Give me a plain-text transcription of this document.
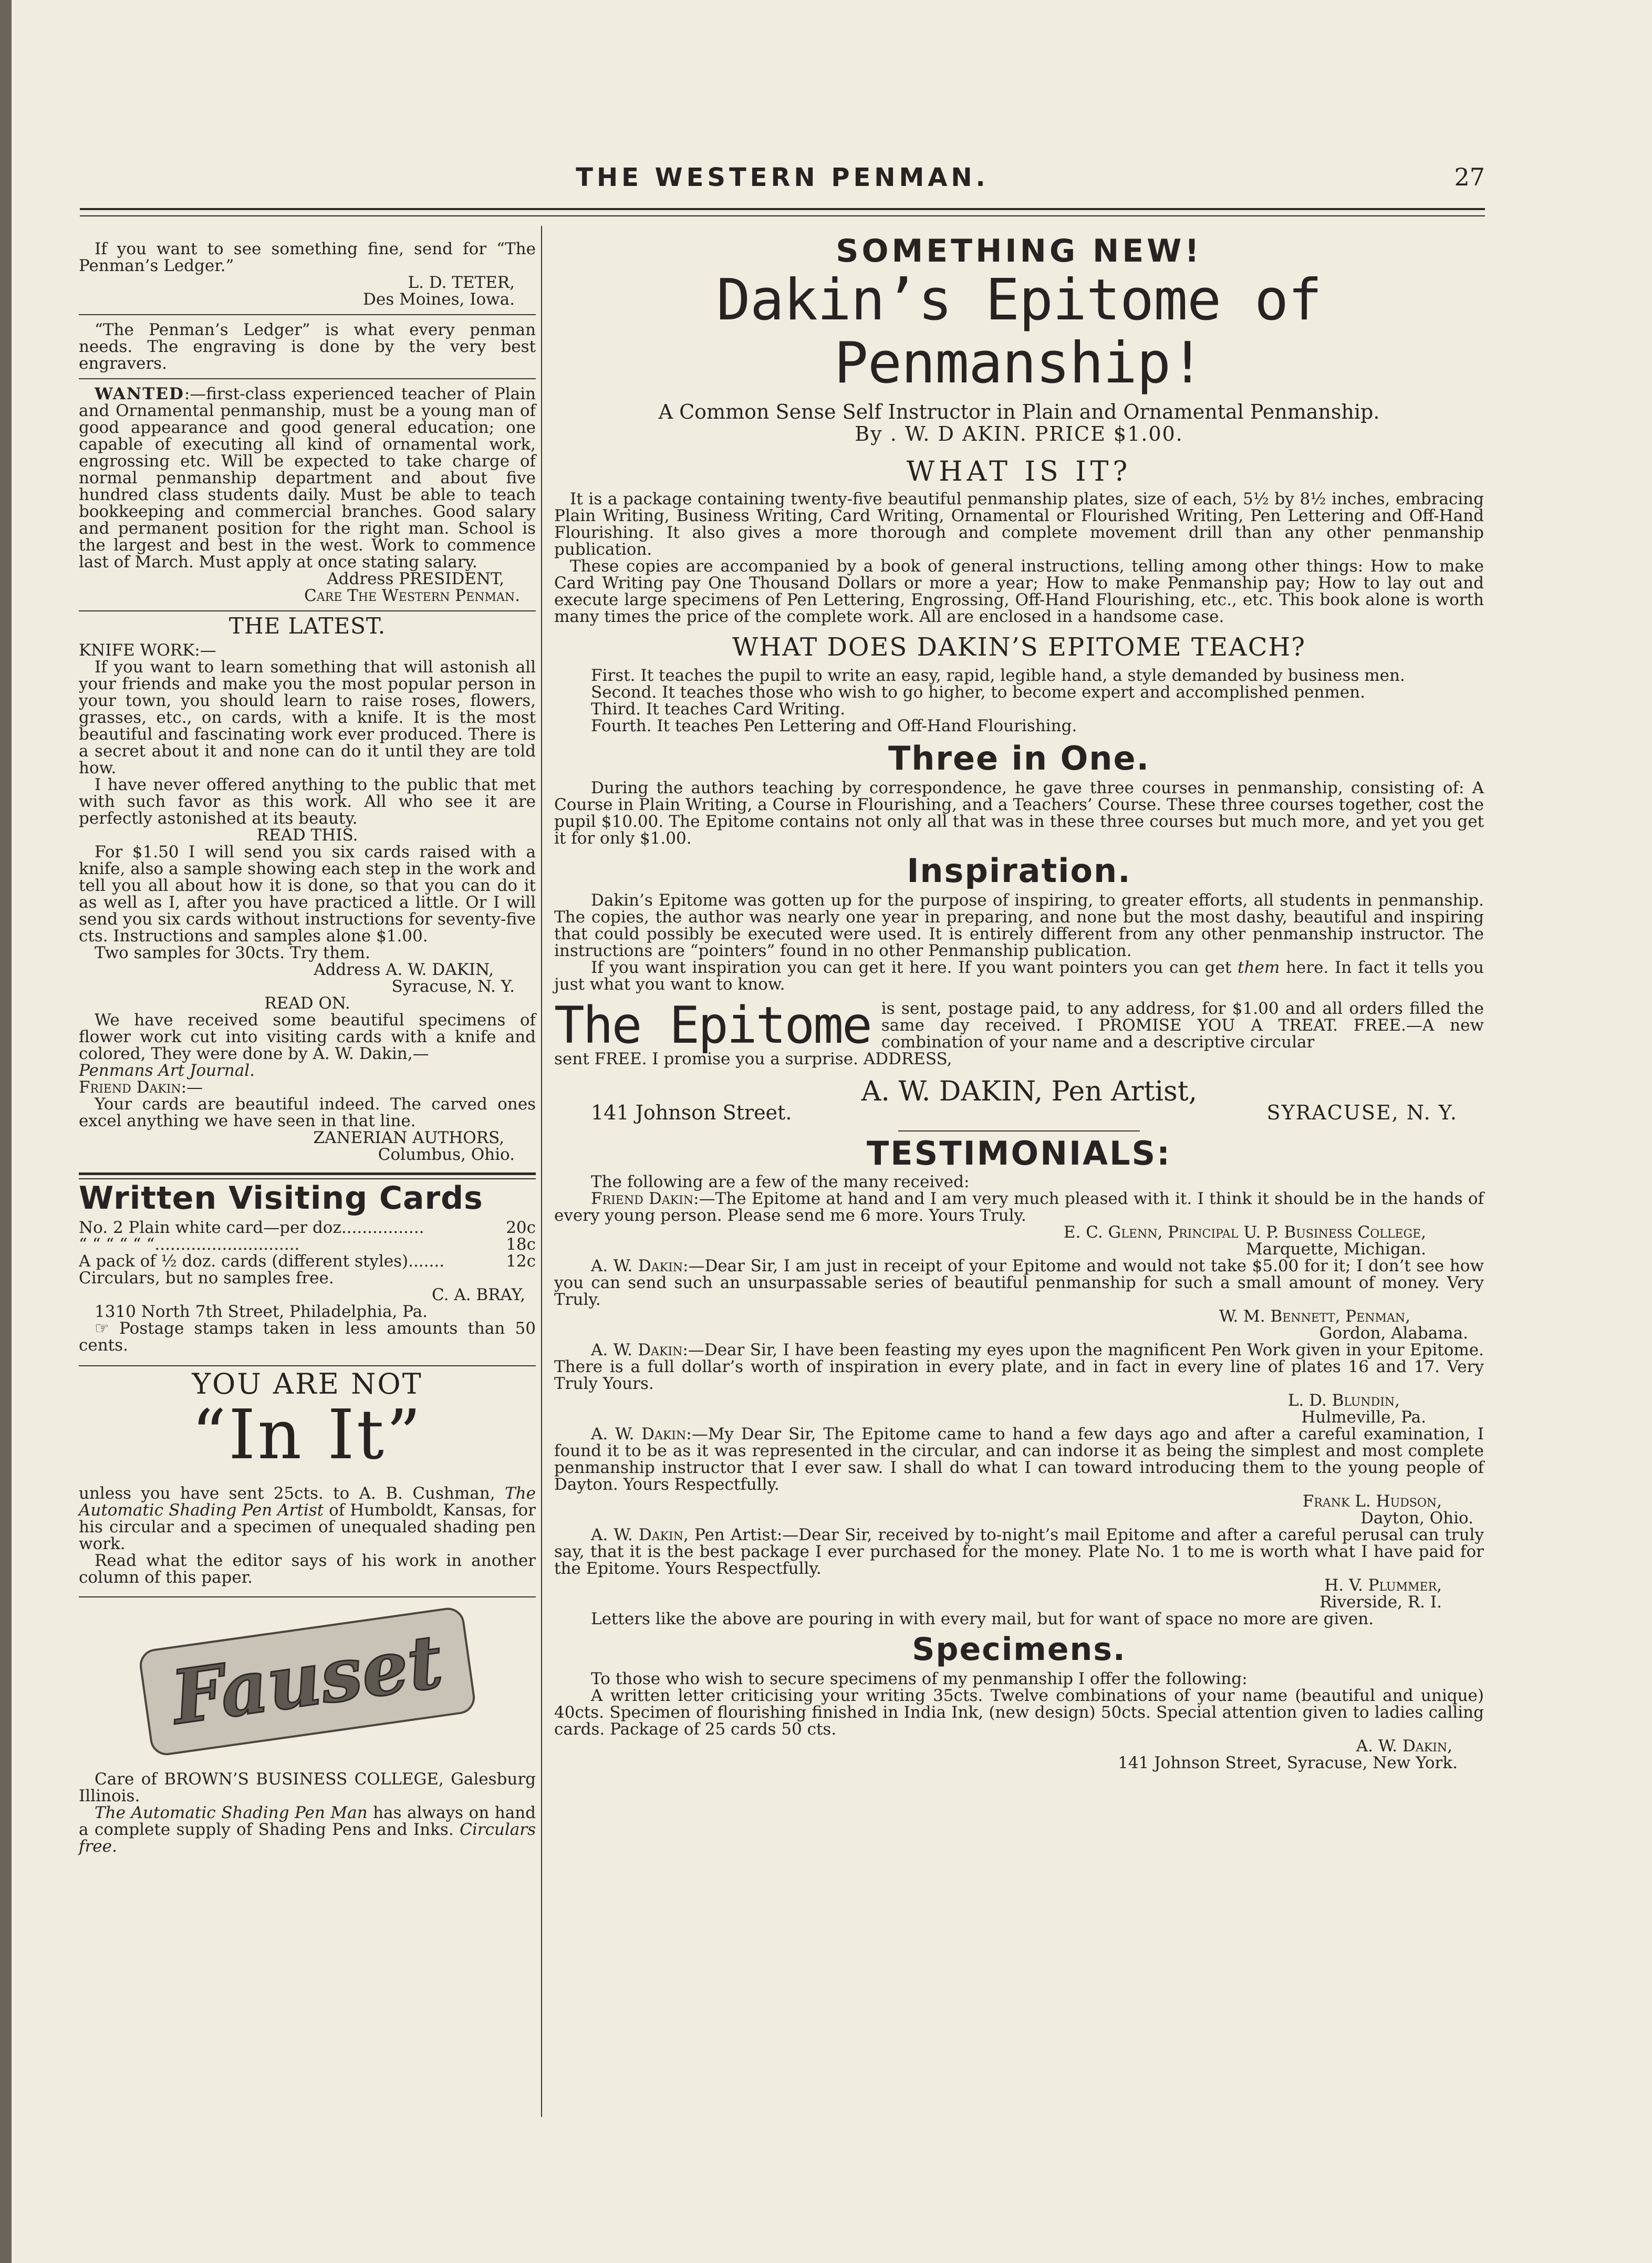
THE WESTERN PENMAN.	27

If you want to see something fine, send for “The Penman’s Ledger.”

L. D. TETER,

Des Moines, Iowa.

“The Penman’s Ledger” is what every penman needs. The engraving is done by the very best engravers.

WANTED:—first-class experienced teacher of Plain and Ornamental penmanship, must be a young man of good appearance and good general education; one capable of executing all kind of ornamental work, engrossing etc. Will be expected to take charge of normal penmanship department and about five hundred class students daily. Must be able to teach bookkeeping and commercial branches. Good salary and permanent position for the right man. School is the largest and best in the west. Work to commence last of March. Must apply at once stating salary.

Address PRESIDENT,

Care The Western Penman.

THE LATEST.

KNIFE WORK:—

If you want to learn something that will astonish all your friends and make you the most popular person in your town, you should learn to raise roses, flowers, grasses, etc., on cards, with a knife. It is the most beautiful and fascinating work ever produced. There is a secret about it and none can do it until they are told how.

I have never offered anything to the public that met with such favor as this work. All who see it are perfectly astonished at its beauty.

READ THIS.

For $1.50 I will send you six cards raised with a knife, also a sample showing each step in the work and tell you all about how it is done, so that you can do it as well as I, after you have practiced a little. Or I will send you six cards without instructions for seventy-five cts. Instructions and samples alone $1.00.

Two samples for 30cts. Try them.

Address A. W. DAKIN,

Syracuse, N. Y.

READ ON.

We have received some beautiful specimens of flower work cut into visiting cards with a knife and colored, They were done by A. W. Dakin,—

Penmans Art Journal.

Friend Dakin:—

Your cards are beautiful indeed. The carved ones excel anything we have seen in that line.

ZANERIAN AUTHORS,

Columbus, Ohio.

Written Visiting Cards
No. 2 Plain white card—per doz................	20c
“ “ “ “ “ “............................	18c
A pack of ½ doz. cards (different styles).......	12c

Circulars, but no samples free.

C. A. BRAY,

1310 North 7th Street, Philadelphia, Pa.

☞ Postage stamps taken in less amounts than 50 cents.

YOU ARE NOT
“In It”

unless you have sent 25cts. to A. B. Cushman, The Automatic Shading Pen Artist of Humboldt, Kansas, for his circular and a specimen of unequaled shading pen work.

Read what the editor says of his work in another column of this paper.

Fauset

Care of BROWN’S BUSINESS COLLEGE, Galesburg Illinois.

The Automatic Shading Pen Man has always on hand a complete supply of Shading Pens and Inks. Circulars free.

SOMETHING NEW!
Dakin’s Epitome of Penmanship!
A Common Sense Self Instructor in Plain and Ornamental Penmanship.
By . W. D AKIN. PRICE $1.00.
WHAT IS IT?

It is a package containing twenty-five beautiful penmanship plates, size of each, 5½ by 8½ inches, embracing Plain Writing, Business Writing, Card Writing, Ornamental or Flourished Writing, Pen Lettering and Off-Hand Flourishing. It also gives a more thorough and complete movement drill than any other penmanship publication.

These copies are accompanied by a book of general instructions, telling among other things: How to make Card Writing pay One Thousand Dollars or more a year; How to make Penmanship pay; How to lay out and execute large specimens of Pen Lettering, Engrossing, Off-Hand Flourishing, etc., etc. This book alone is worth many times the price of the complete work. All are enclosed in a handsome case.

WHAT DOES DAKIN’S EPITOME TEACH?

First. It teaches the pupil to write an easy, rapid, legible hand, a style demanded by business men.

Second. It teaches those who wish to go higher, to become expert and accomplished penmen.

Third. It teaches Card Writing.

Fourth. It teaches Pen Lettering and Off-Hand Flourishing.

Three in One.

During the authors teaching by correspondence, he gave three courses in penmanship, consisting of: A Course in Plain Writing, a Course in Flourishing, and a Teachers’ Course. These three courses together, cost the pupil $10.00. The Epitome contains not only all that was in these three courses but much more, and yet you get it for only $1.00.

Inspiration.

Dakin’s Epitome was gotten up for the purpose of inspiring, to greater efforts, all students in penmanship. The copies, the author was nearly one year in preparing, and none but the most dashy, beautiful and inspiring that could possibly be executed were used. It is entirely different from any other penmanship instructor. The instructions are “pointers” found in no other Penmanship publication.

If you want inspiration you can get it here. If you want pointers you can get them here. In fact it tells you just what you want to know.

The Epitome is sent, postage paid, to any address, for $1.00 and all orders filled the same day received. I PROMISE YOU A TREAT. FREE.—A new combination of your name and a descriptive circular

sent FREE. I promise you a surprise. ADDRESS,

141 Johnson Street.
A. W. DAKIN, Pen Artist,
SYRACUSE, N. Y.
TESTIMONIALS:

The following are a few of the many received:

Friend Dakin:—The Epitome at hand and I am very much pleased with it. I think it should be in the hands of every young person. Please send me 6 more. Yours Truly.

E. C. Glenn, Principal U. P. Business College,

Marquette, Michigan.

A. W. Dakin:—Dear Sir, I am just in receipt of your Epitome and would not take $5.00 for it; I don’t see how you can send such an unsurpassable series of beautiful penmanship for such a small amount of money. Very Truly.

W. M. Bennett, Penman,

Gordon, Alabama.

A. W. Dakin:—Dear Sir, I have been feasting my eyes upon the magnificent Pen Work given in your Epitome. There is a full dollar’s worth of inspiration in every plate, and in fact in every line of plates 16 and 17. Very Truly Yours.

L. D. Blundin,

Hulmeville, Pa.

A. W. Dakin:—My Dear Sir, The Epitome came to hand a few days ago and after a careful examination, I found it to be as it was represented in the circular, and can indorse it as being the simplest and most complete penmanship instructor that I ever saw. I shall do what I can toward introducing them to the young people of Dayton. Yours Respectfully.

Frank L. Hudson,

Dayton, Ohio.

A. W. Dakin, Pen Artist:—Dear Sir, received by to-night’s mail Epitome and after a careful perusal can truly say, that it is the best package I ever purchased for the money. Plate No. 1 to me is worth what I have paid for the Epitome. Yours Respectfully.

H. V. Plummer,

Riverside, R. I.

Letters like the above are pouring in with every mail, but for want of space no more are given.

Specimens.

To those who wish to secure specimens of my penmanship I offer the following:

A written letter criticising your writing 35cts. Twelve combinations of your name (beautiful and unique) 40cts. Specimen of flourishing finished in India Ink, (new design) 50cts. Special attention given to ladies calling cards. Package of 25 cards 50 cts.

A. W. Dakin,

141 Johnson Street, Syracuse, New York.
